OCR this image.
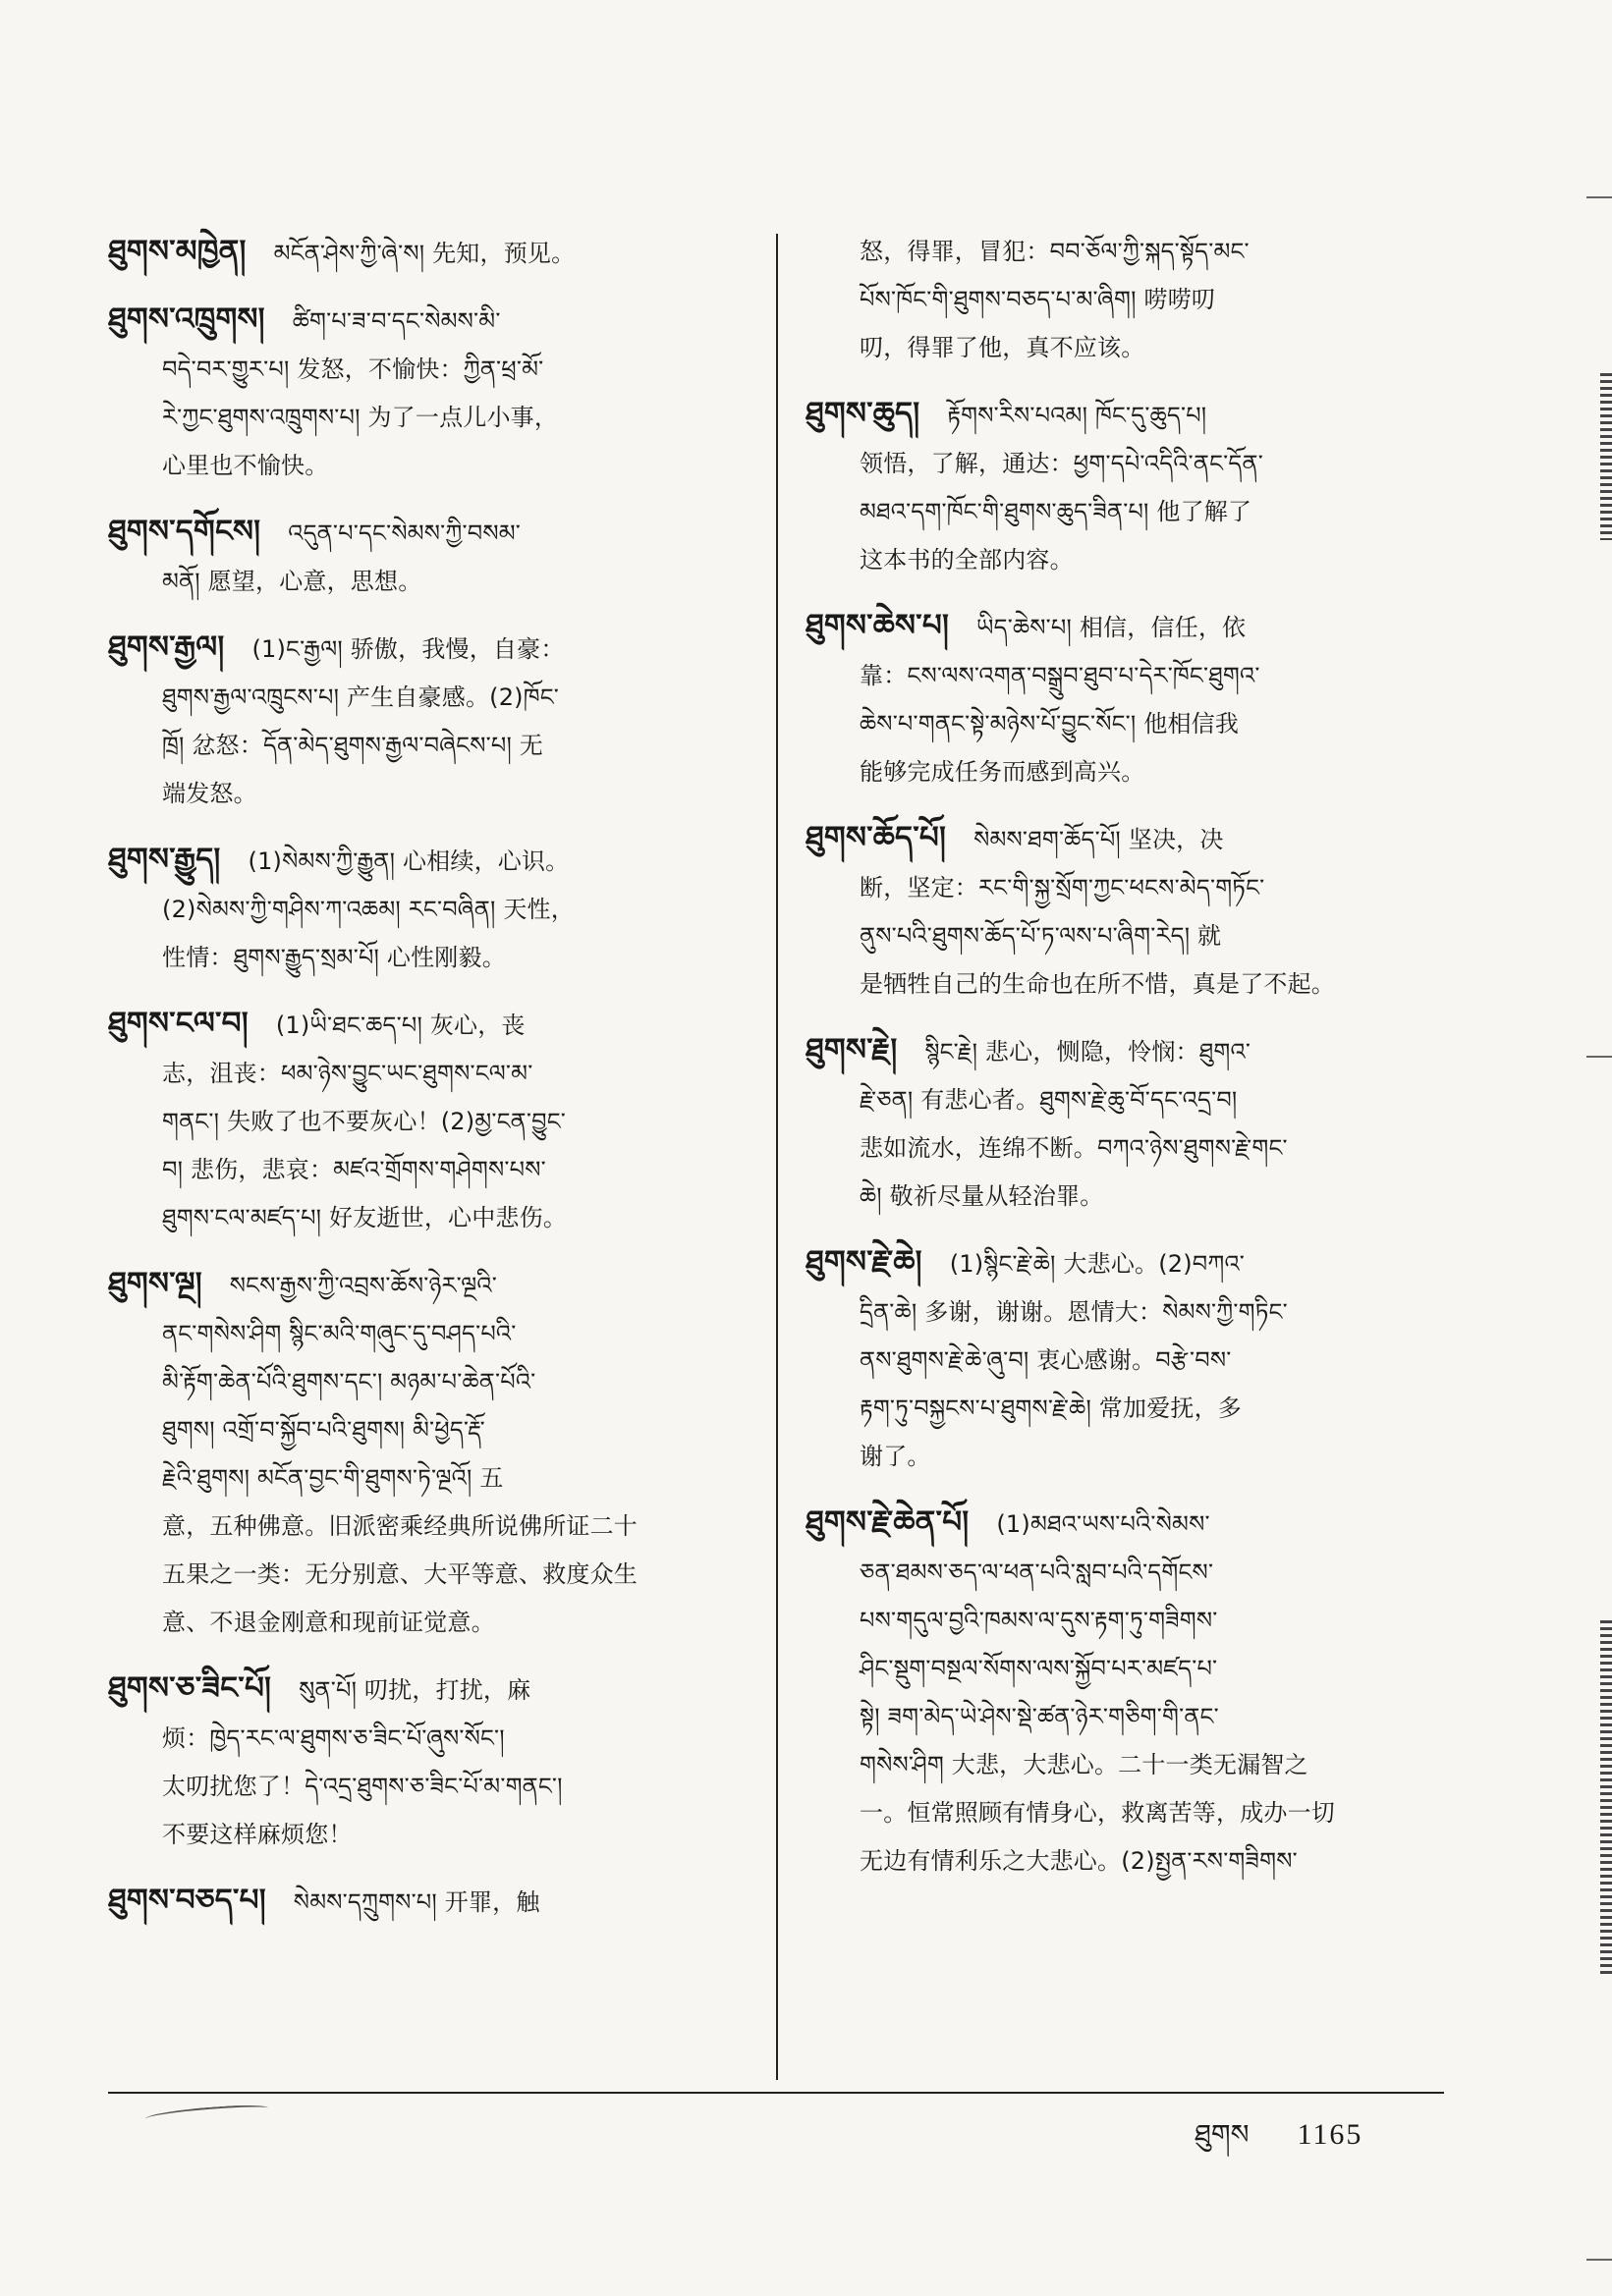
ཐུགས་མཁྱེན། མངོན་ཤེས་ཀྱི་ཞེ་ས། 先知，预见。
ཐུགས་འཁྲུགས། ཚིག་པ་ཟ་བ་དང་སེམས་མི་
བདེ་བར་གྱུར་པ། 发怒，不愉快：ཀྱིན་ཕྲ་མོ་
རེ་ཀྱང་ཐུགས་འཁྲུགས་པ། 为了一点儿小事，
心里也不愉快。
ཐུགས་དགོངས། འདུན་པ་དང་སེམས་ཀྱི་བསམ་
མནོ། 愿望，心意，思想。
ཐུགས་རྒྱལ། (1)ང་རྒྱལ། 骄傲，我慢，自豪：
ཐུགས་རྒྱལ་འཁྲུངས་པ། 产生自豪感。(2)ཁོང་
ཁྲོ། 忿怒：དོན་མེད་ཐུགས་རྒྱལ་བཞེངས་པ། 无
端发怒。
ཐུགས་རྒྱུད། (1)སེམས་ཀྱི་རྒྱུན། 心相续，心识。
(2)སེམས་ཀྱི་གཤིས་ཀ་འཆམ། རང་བཞིན། 天性，
性情：ཐུགས་རྒྱུད་སྲམ་པོ། 心性刚毅。
ཐུགས་ངལ་བ། (1)ཡི་ཐང་ཆད་པ། 灰心，丧
志，沮丧：ཕམ་ཉེས་བྱུང་ཡང་ཐུགས་ངལ་མ་
གནང་། 失败了也不要灰心！(2)མྱ་ངན་བྱུང་
བ། 悲伤，悲哀：མཛའ་གྲོགས་གཤེགས་པས་
ཐུགས་ངལ་མཛད་པ། 好友逝世，心中悲伤。
ཐུགས་ལྔ། སངས་རྒྱས་ཀྱི་འབྲས་ཆོས་ཉེར་ལྔའི་
ནང་གསེས་ཤིག སྙིང་མའི་གཞུང་དུ་བཤད་པའི་
མི་རྟོག་ཆེན་པོའི་ཐུགས་དང་། མཉམ་པ་ཆེན་པོའི་
ཐུགས། འགྲོ་བ་སྐྱོབ་པའི་ཐུགས། མི་ཕྱེད་རྡོ་
རྗེའི་ཐུགས། མངོན་བྱང་གི་ཐུགས་ཏེ་ལྔའོ། 五
意，五种佛意。旧派密乘经典所说佛所证二十
五果之一类：无分别意、大平等意、救度众生
意、不退金刚意和现前证觉意。
ཐུགས་ཅ་ཟིང་པོ། སུན་པོ། 叨扰，打扰，麻
烦：ཁྱེད་རང་ལ་ཐུགས་ཅ་ཟིང་པོ་ཞུས་སོང་།
太叨扰您了！དེ་འདྲ་ཐུགས་ཅ་ཟིང་པོ་མ་གནང་།
不要这样麻烦您！
ཐུགས་བཅད་པ། སེམས་དཀྲུགས་པ། 开罪，触
怒，得罪，冒犯：བབ་ཅོལ་ཀྱི་སྐད་སྟོད་མང་
པོས་ཁོང་གི་ཐུགས་བཅད་པ་མ་ཞིག། 唠唠叨
叨，得罪了他，真不应该。
ཐུགས་ཆུད། རྟོགས་རིས་པའམ། ཁོང་དུ་ཆུད་པ།
领悟，了解，通达：ཕྱག་དཔེ་འདིའི་ནང་དོན་
མཐའ་དག་ཁོང་གི་ཐུགས་ཆུད་ཟིན་པ། 他了解了
这本书的全部内容。
ཐུགས་ཆེས་པ། ཡིད་ཆེས་པ། 相信，信任，依
靠：ངས་ལས་འགན་བསྒྲུབ་ཐུབ་པ་དེར་ཁོང་ཐུགའ་
ཆེས་པ་གནང་སྟེ་མཉེས་པོ་བྱུང་སོང་། 他相信我
能够完成任务而感到高兴。
ཐུགས་ཆོད་པོ། སེམས་ཐག་ཆོད་པོ། 坚决，决
断，坚定：རང་གི་སྐྱ་སྲོག་ཀྱང་ཕངས་མེད་གཏོང་
ནུས་པའི་ཐུགས་ཆོད་པོ་ཏ་ལས་པ་ཞིག་རེད། 就
是牺牲自己的生命也在所不惜，真是了不起。
ཐུགས་རྗེ། སྙིང་རྗེ། 悲心，恻隐，怜悯：ཐུགའ་
རྗེ་ཅན། 有悲心者。ཐུགས་རྗེ་ཆུ་བོ་དང་འདྲ་བ།
悲如流水，连绵不断。བཀའ་ཉེས་ཐུགས་རྗེ་གང་
ཆེ། 敬祈尽量从轻治罪。
ཐུགས་རྗེ་ཆེ། (1)སྙིང་རྗེ་ཆེ། 大悲心。(2)བཀའ་
དྲིན་ཆེ། 多谢，谢谢。恩情大：སེམས་ཀྱི་གཏིང་
ནས་ཐུགས་རྗེ་ཆེ་ཞུ་བ། 衷心感谢。བརྩེ་བས་
རྟག་ཏུ་བསྐྱངས་པ་ཐུགས་རྗེ་ཆེ། 常加爱抚，多
谢了。
ཐུགས་རྗེ་ཆེན་པོ། (1)མཐའ་ཡས་པའི་སེམས་
ཅན་ཐམས་ཅད་ལ་ཕན་པའི་སླབ་པའི་དགོངས་
པས་གདུལ་བྱའི་ཁམས་ལ་དུས་རྟག་ཏུ་གཟིགས་
ཤིང་སྡུག་བསྔལ་སོགས་ལས་སྐྱོབ་པར་མཛད་པ་
སྟེ། ཟག་མེད་ཡེ་ཤེས་སྡེ་ཚན་ཉེར་གཅིག་གི་ནང་
གསེས་ཤིག 大悲，大悲心。二十一类无漏智之
一。恒常照顾有情身心，救离苦等，成办一切
无边有情利乐之大悲心。(2)སྤྱན་རས་གཟིགས་
ཐུགས 1165
